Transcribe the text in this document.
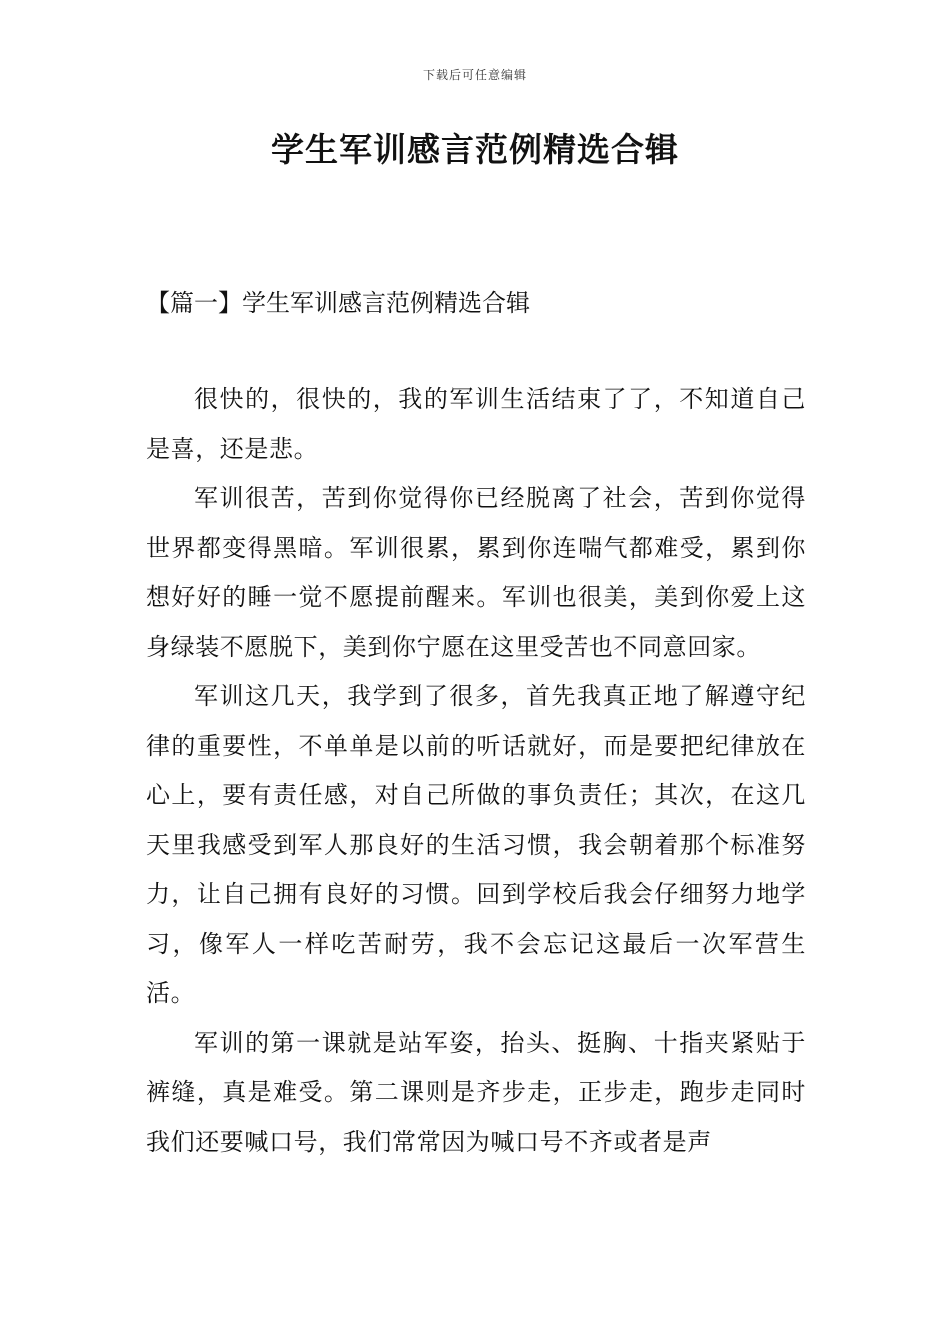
下载后可任意编辑
学生军训感言范例精选合辑
【篇一】学生军训感言范例精选合辑

很快的，很快的，我的军训生活结束了了，不知道自己是喜，还是悲。

军训很苦，苦到你觉得你已经脱离了社会，苦到你觉得世界都变得黑暗。军训很累，累到你连喘气都难受，累到你想好好的睡一觉不愿提前醒来。军训也很美，美到你爱上这身绿装不愿脱下，美到你宁愿在这里受苦也不同意回家。

军训这几天，我学到了很多，首先我真正地了解遵守纪律的重要性，不单单是以前的听话就好，而是要把纪律放在心上，要有责任感，对自己所做的事负责任；其次，在这几天里我感受到军人那良好的生活习惯，我会朝着那个标准努力，让自己拥有良好的习惯。回到学校后我会仔细努力地学习，像军人一样吃苦耐劳，我不会忘记这最后一次军营生活。

军训的第一课就是站军姿，抬头、挺胸、十指夹紧贴于裤缝，真是难受。第二课则是齐步走，正步走，跑步走同时我们还要喊口号，我们常常因为喊口号不齐或者是声
